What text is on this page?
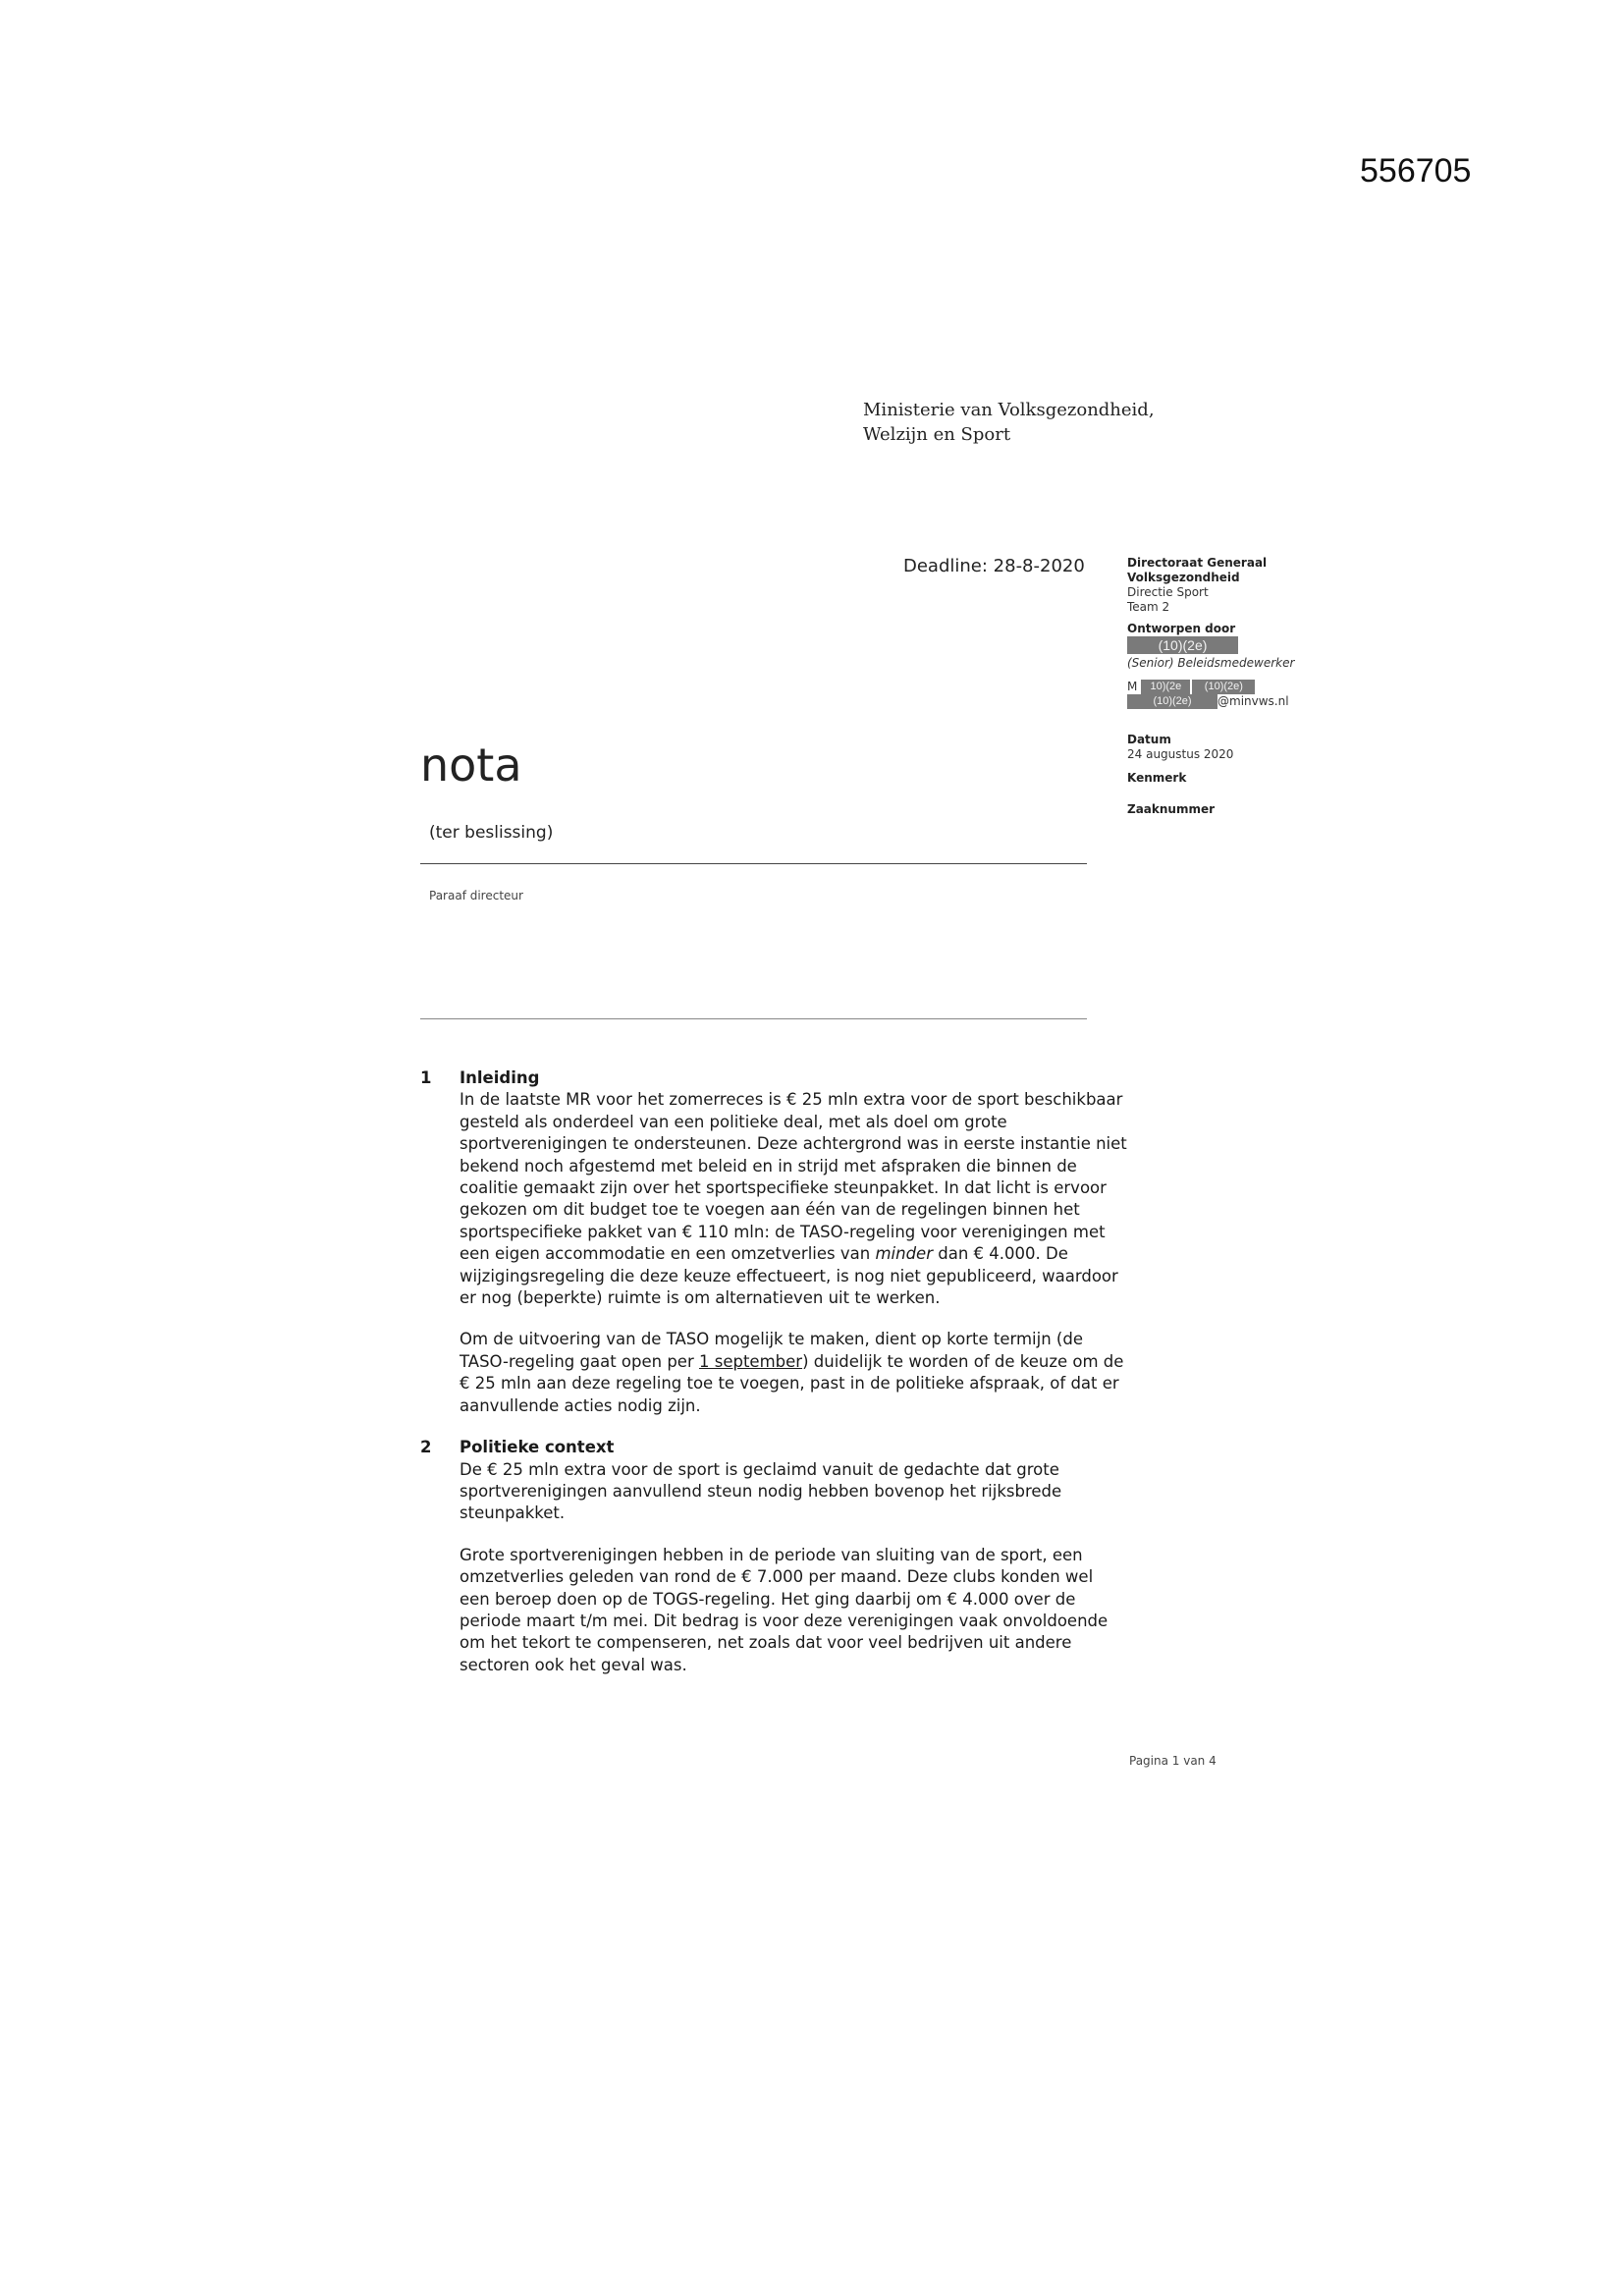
556705
Ministerie van Volksgezondheid,
Welzijn en Sport
Deadline: 28-8-2020	Directoraat Generaal
Volksgezondheid
Directie Sport
Team 2
Ontworpen door
(10)(2e)
(Senior) Beleidsmedewerker
M 10)(2e (10)(2e)
(10)(2e) @minvws.nl
Datum
24 augustus 2020
Kenmerk
Zaaknummer
nota
(ter beslissing)
Paraaf directeur
1 Inleiding

In de laatste MR voor het zomerreces is € 25 mln extra voor de sport beschikbaar gesteld als onderdeel van een politieke deal, met als doel om grote sportverenigingen te ondersteunen. Deze achtergrond was in eerste instantie niet bekend noch afgestemd met beleid en in strijd met afspraken die binnen de coalitie gemaakt zijn over het sportspecifieke steunpakket. In dat licht is ervoor gekozen om dit budget toe te voegen aan één van de regelingen binnen het sportspecifieke pakket van € 110 mln: de TASO-regeling voor verenigingen met een eigen accommodatie en een omzetverlies van minder dan € 4.000. De wijzigingsregeling die deze keuze effectueert, is nog niet gepubliceerd, waardoor er nog (beperkte) ruimte is om alternatieven uit te werken.

Om de uitvoering van de TASO mogelijk te maken, dient op korte termijn (de TASO-regeling gaat open per 1 september) duidelijk te worden of de keuze om de € 25 mln aan deze regeling toe te voegen, past in de politieke afspraak, of dat er aanvullende acties nodig zijn.

2 Politieke context

De € 25 mln extra voor de sport is geclaimd vanuit de gedachte dat grote sportverenigingen aanvullend steun nodig hebben bovenop het rijksbrede steunpakket.

Grote sportverenigingen hebben in de periode van sluiting van de sport, een omzetverlies geleden van rond de € 7.000 per maand. Deze clubs konden wel een beroep doen op de TOGS-regeling. Het ging daarbij om € 4.000 over de periode maart t/m mei. Dit bedrag is voor deze verenigingen vaak onvoldoende om het tekort te compenseren, net zoals dat voor veel bedrijven uit andere sectoren ook het geval was.

Pagina 1 van 4
